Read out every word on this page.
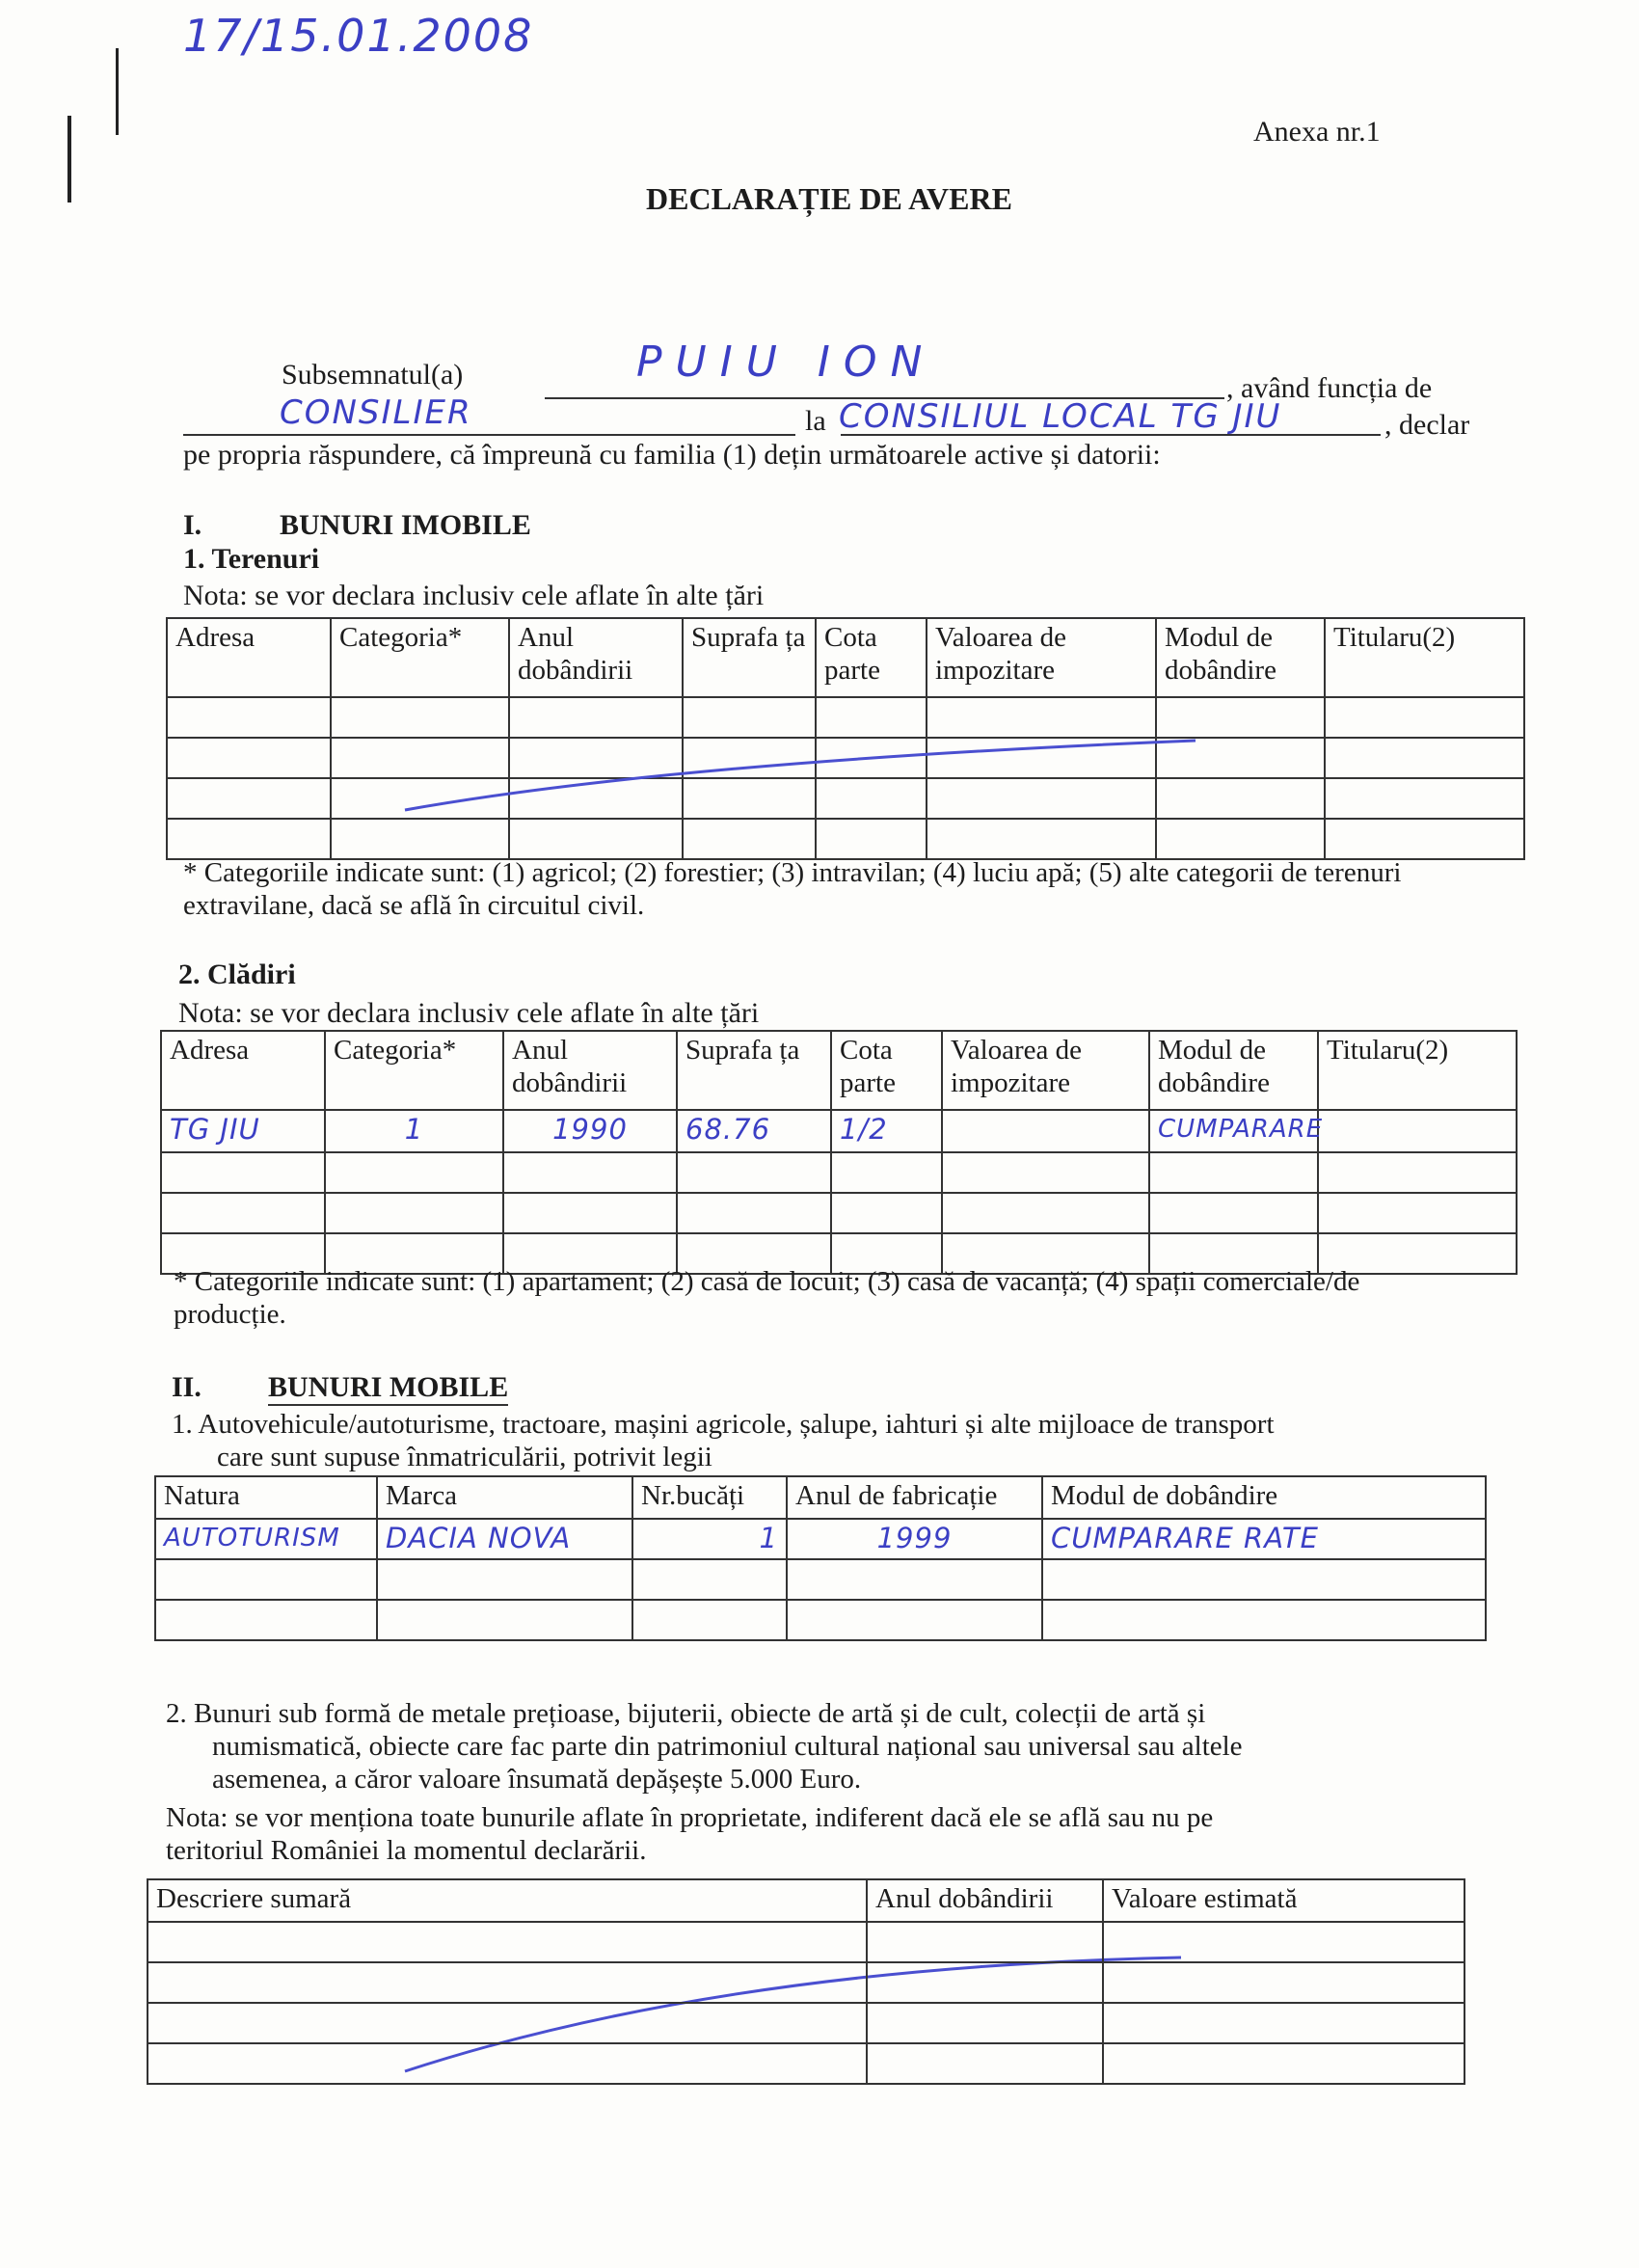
17/15.01.2008
Anexa nr.1
DECLARAȚIE DE AVERE
Subsemnatul(a)	PUIU ION
, având funcția de
CONSILIER	la CONSILIUL LOCAL TG JIU	, declar
pe propria răspundere, că împreună cu familia (1) dețin următoarele active și datorii:
I.	BUNURI IMOBILE
1. Terenuri
Nota: se vor declara inclusiv cele aflate în alte țări
Adresa	Categoria*	Anul dobândirii	Suprafa ța	Cota parte	Valoarea de impozitare	Modul de dobândire	Titularu(2)

* Categoriile indicate sunt: (1) agricol; (2) forestier; (3) intravilan; (4) luciu apă; (5) alte categorii de terenuri extravilane, dacă se află în circuitul civil.
2. Clădiri
Nota: se vor declara inclusiv cele aflate în alte țări
Adresa	Categoria*	Anul dobândirii	Suprafa ța	Cota parte	Valoarea de impozitare	Modul de dobândire	Titularu(2)
TG JIU	1	1990	68.76	1/2		CUMPARARE	

* Categoriile indicate sunt: (1) apartament; (2) casă de locuit; (3) casă de vacanță; (4) spații comerciale/de producție.
II. BUNURI MOBILE
1. Autovehicule/autoturisme, tractoare, mașini agricole, șalupe, iahturi și alte mijloace de transport
care sunt supuse înmatriculării, potrivit legii
Natura	Marca	Nr.bucăți	Anul de fabricație	Modul de dobândire
AUTOTURISM	DACIA NOVA	1	1999	CUMPARARE RATE

2. Bunuri sub formă de metale prețioase, bijuterii, obiecte de artă și de cult, colecții de artă și
numismatică, obiecte care fac parte din patrimoniul cultural național sau universal sau altele
asemenea, a căror valoare însumată depășește 5.000 Euro.
Nota: se vor menționa toate bunurile aflate în proprietate, indiferent dacă ele se află sau nu pe
teritoriul României la momentul declarării.
Descriere sumară	Anul dobândirii	Valoare estimată
